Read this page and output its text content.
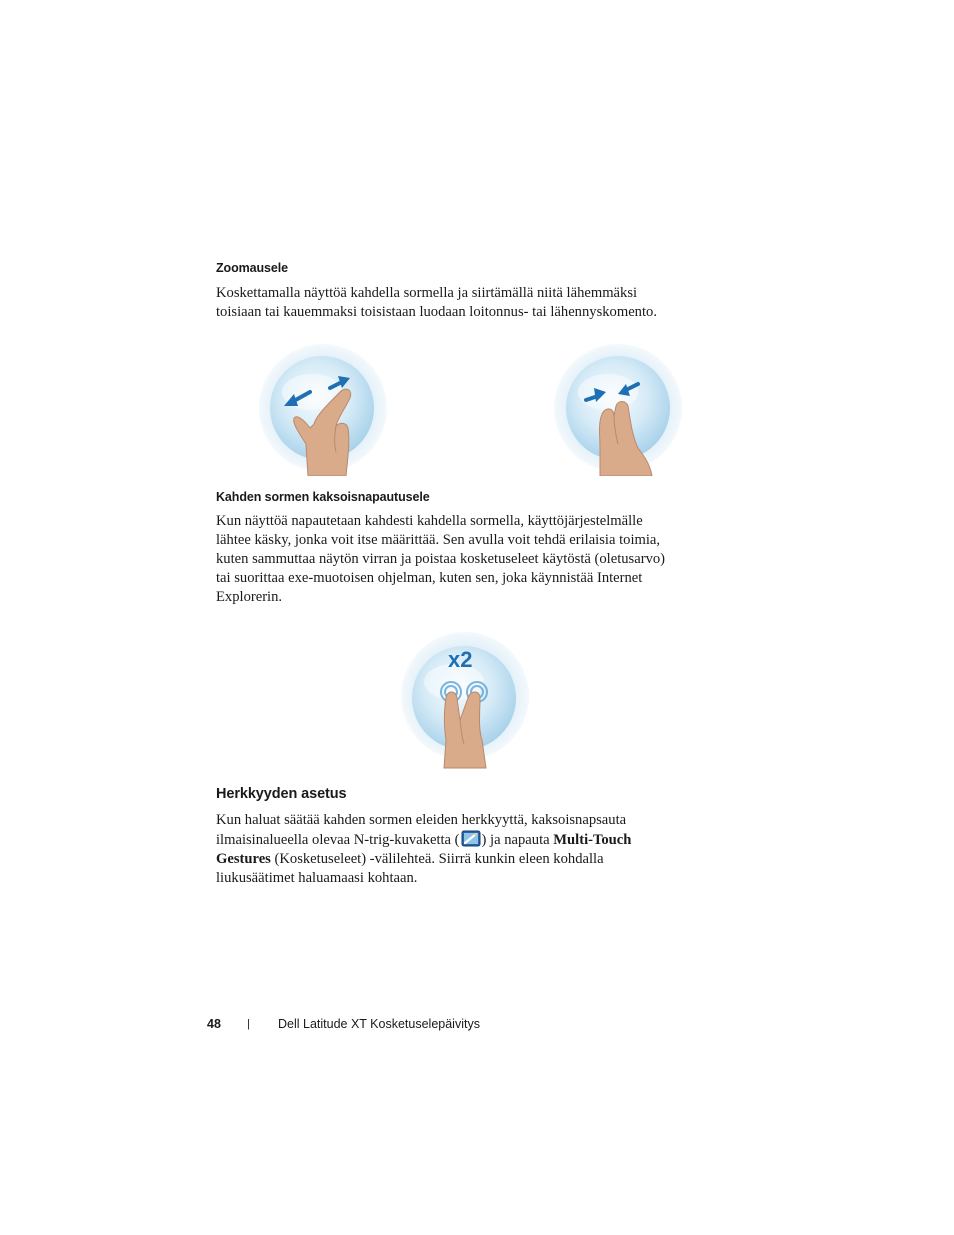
Zoomausele
Koskettamalla näyttöä kahdella sormella ja siirtämällä niitä lähemmäksi
toisiaan tai kauemmaksi toisistaan luodaan loitonnus- tai lähennyskomento.
Kahden sormen kaksoisnapautusele
Kun näyttöä napautetaan kahdesti kahdella sormella, käyttöjärjestelmälle
lähtee käsky, jonka voit itse määrittää. Sen avulla voit tehdä erilaisia toimia,
kuten sammuttaa näytön virran ja poistaa kosketuseleet käytöstä (oletusarvo)
tai suorittaa exe-muotoisen ohjelman, kuten sen, joka käynnistää Internet
Explorerin.
x2
Herkkyyden asetus
Kun haluat säätää kahden sormen eleiden herkkyyttä, kaksoisnapsauta
ilmaisinalueella olevaa N-trig-kuvaketta ( ) ja napauta Multi-Touch
Gestures (Kosketuseleet) -välilehteä. Siirrä kunkin eleen kohdalla
liukusäätimet haluamaasi kohtaan.
48 | Dell Latitude XT Kosketuselepäivitys
